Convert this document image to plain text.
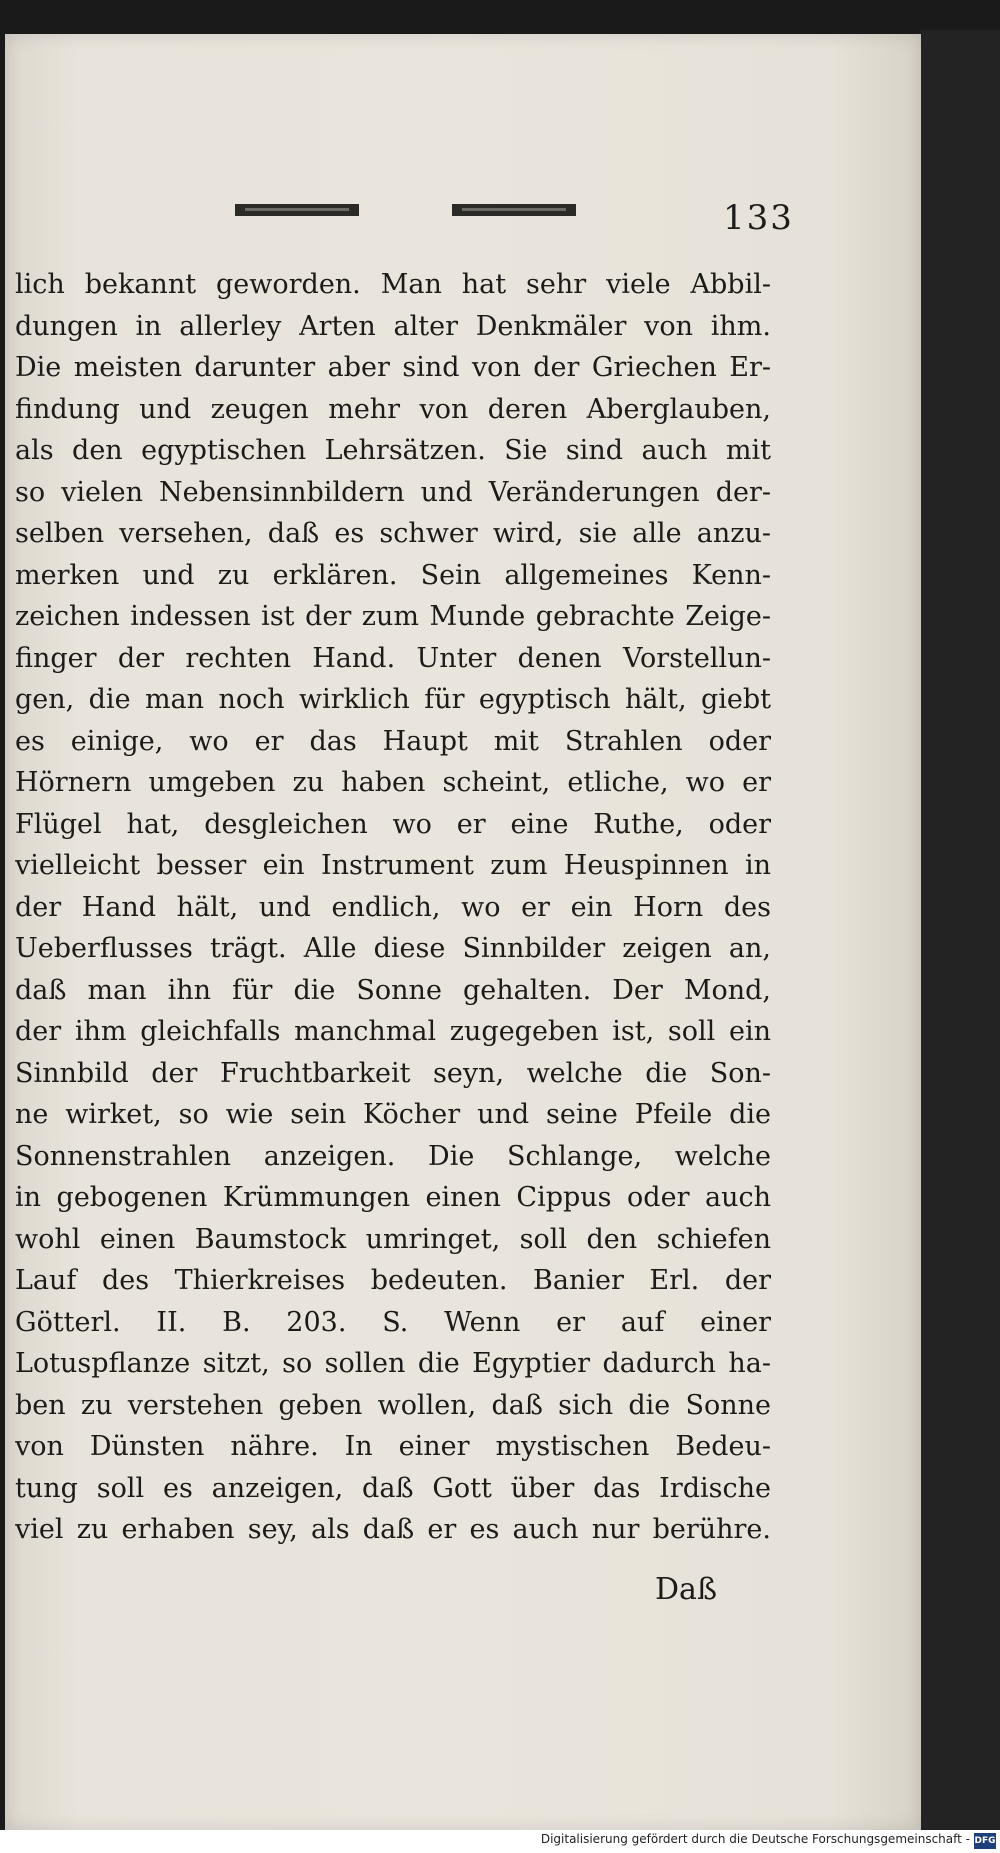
133
lich bekannt geworden. Man hat sehr viele Abbil-
dungen in allerley Arten alter Denkmäler von ihm.
Die meisten darunter aber sind von der Griechen Er-
findung und zeugen mehr von deren Aberglauben,
als den egyptischen Lehrsätzen. Sie sind auch mit
so vielen Nebensinnbildern und Veränderungen der-
selben versehen, daß es schwer wird, sie alle anzu-
merken und zu erklären. Sein allgemeines Kenn-
zeichen indessen ist der zum Munde gebrachte Zeige-
finger der rechten Hand. Unter denen Vorstellun-
gen, die man noch wirklich für egyptisch hält, giebt
es einige, wo er das Haupt mit Strahlen oder
Hörnern umgeben zu haben scheint, etliche, wo er
Flügel hat, desgleichen wo er eine Ruthe, oder
vielleicht besser ein Instrument zum Heuspinnen in
der Hand hält, und endlich, wo er ein Horn des
Ueberflusses trägt. Alle diese Sinnbilder zeigen an,
daß man ihn für die Sonne gehalten. Der Mond,
der ihm gleichfalls manchmal zugegeben ist, soll ein
Sinnbild der Fruchtbarkeit seyn, welche die Son-
ne wirket, so wie sein Köcher und seine Pfeile die
Sonnenstrahlen anzeigen. Die Schlange, welche
in gebogenen Krümmungen einen Cippus oder auch
wohl einen Baumstock umringet, soll den schiefen
Lauf des Thierkreises bedeuten. Banier Erl. der
Götterl. II. B. 203. S. Wenn er auf einer
Lotuspflanze sitzt, so sollen die Egyptier dadurch ha-
ben zu verstehen geben wollen, daß sich die Sonne
von Dünsten nähre. In einer mystischen Bedeu-
tung soll es anzeigen, daß Gott über das Irdische
viel zu erhaben sey, als daß er es auch nur berühre.
Daß
Digitalisierung gefördert durch die Deutsche Forschungsgemeinschaft - DFG
